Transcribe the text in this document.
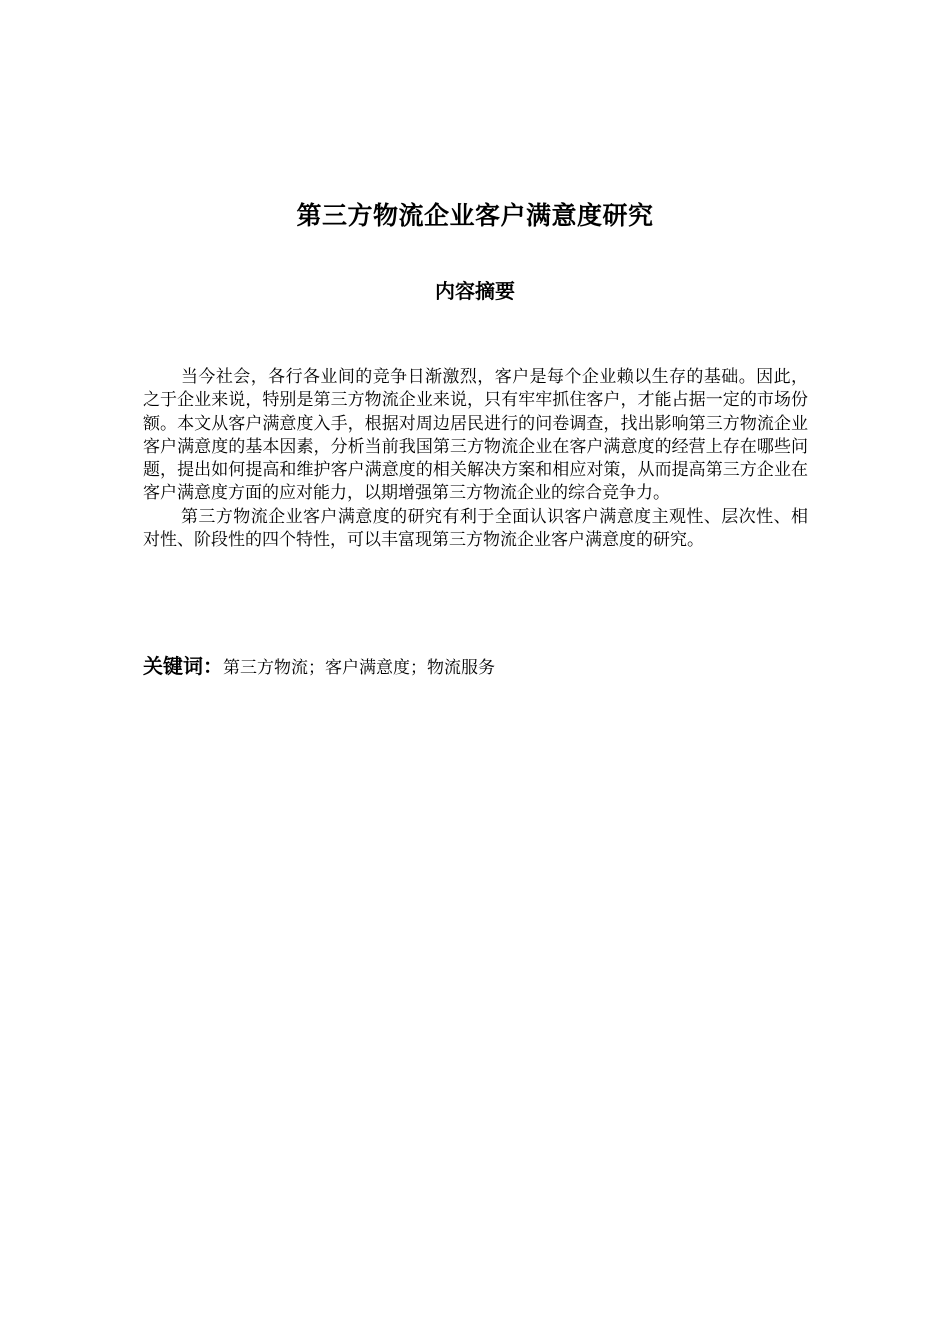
第三方物流企业客户满意度研究
内容摘要

当今社会，各行各业间的竞争日渐激烈，客户是每个企业赖以生存的基础。因此，之于企业来说，特别是第三方物流企业来说，只有牢牢抓住客户，才能占据一定的市场份额。本文从客户满意度入手，根据对周边居民进行的问卷调查，找出影响第三方物流企业客户满意度的基本因素，分析当前我国第三方物流企业在客户满意度的经营上存在哪些问题，提出如何提高和维护客户满意度的相关解决方案和相应对策，从而提高第三方企业在客户满意度方面的应对能力，以期增强第三方物流企业的综合竞争力。

第三方物流企业客户满意度的研究有利于全面认识客户满意度主观性、层次性、相对性、阶段性的四个特性，可以丰富现第三方物流企业客户满意度的研究。

关键词：第三方物流；客户满意度；物流服务
